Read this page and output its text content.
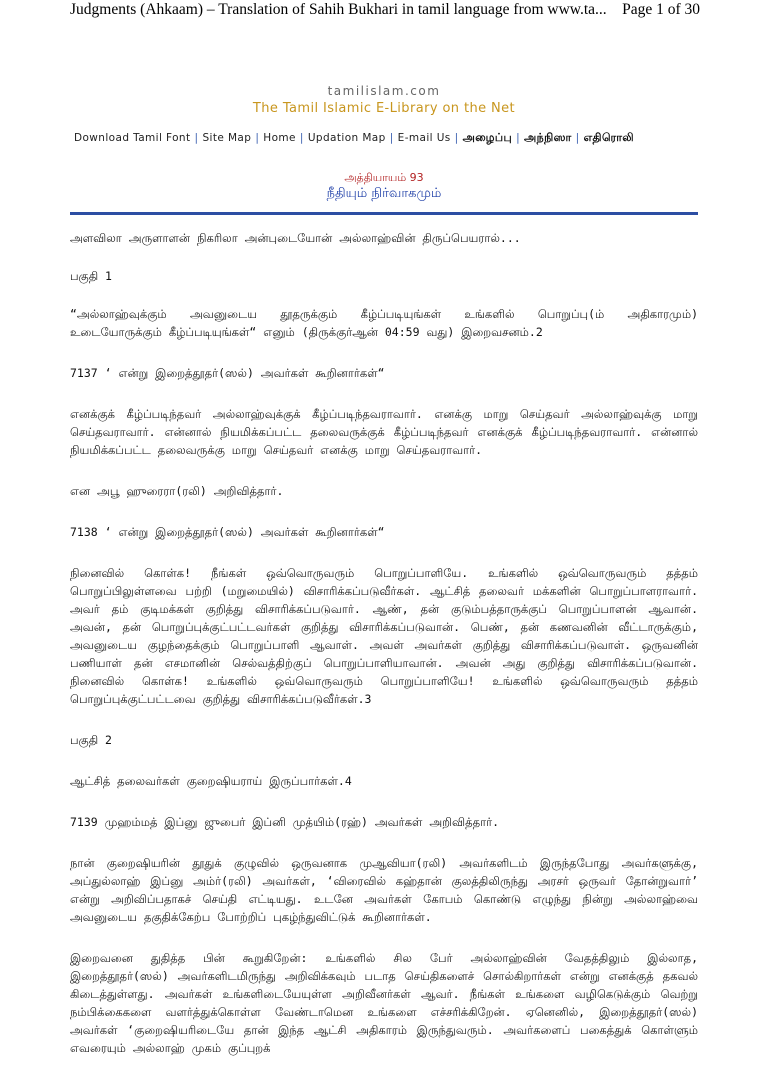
Judgments (Ahkaam) – Translation of Sahih Bukhari in tamil language from www.ta... Page 1 of 30
tamilislam.com
The Tamil Islamic E-Library on the Net
Download Tamil Font | Site Map | Home | Updation Map | E-mail Us | அழைப்பு | அந்நிஸா | எதிரொலி
அத்தியாயம் 93
நீதியும் நிர்வாகமும்

அளவிலா அருளாளன் நிகரிலா அன்புடையோன் அல்லாஹ்வின் திருப்பெயரால்...

பகுதி 1

“அல்லாஹ்வுக்கும் அவனுடைய தூதருக்கும் கீழ்ப்படியுங்கள் உங்களில் பொறுப்பு(ம் அதிகாரமும்) உடையோருக்கும் கீழ்ப்படியுங்கள்“ எனும் (திருக்குர்ஆன் 04:59 வது) இறைவசனம்.2

7137 ‘ என்று இறைத்தூதர்(ஸல்) அவர்கள் கூறினார்கள்“

எனக்குக் கீழ்ப்படிந்தவர் அல்லாஹ்வுக்குக் கீழ்ப்படிந்தவராவார். எனக்கு மாறு செய்தவர் அல்லாஹ்வுக்கு மாறு செய்தவராவார். என்னால் நியமிக்கப்பட்ட தலைவருக்குக் கீழ்ப்படிந்தவர் எனக்குக் கீழ்ப்படிந்தவராவார். என்னால் நியமிக்கப்பட்ட தலைவருக்கு மாறு செய்தவர் எனக்கு மாறு செய்தவராவார்.

என அபூ ஹுரைரா(ரலி) அறிவித்தார்.

7138 ‘ என்று இறைத்தூதர்(ஸல்) அவர்கள் கூறினார்கள்“

நினைவில் கொள்க! நீங்கள் ஒவ்வொருவரும் பொறுப்பாளியே. உங்களில் ஒவ்வொருவரும் தத்தம் பொறுப்பிலுள்ளவை பற்றி (மறுமையில்) விசாரிக்கப்படுவீர்கள். ஆட்சித் தலைவர் மக்களின் பொறுப்பாளராவார். அவர் தம் குடிமக்கள் குறித்து விசாரிக்கப்படுவார். ஆண், தன் குடும்பத்தாருக்குப் பொறுப்பாளன் ஆவான். அவன், தன் பொறுப்புக்குட்பட்டவர்கள் குறித்து விசாரிக்கப்படுவான். பெண், தன் கணவனின் வீட்டாருக்கும், அவனுடைய குழந்தைக்கும் பொறுப்பாளி ஆவாள். அவள் அவர்கள் குறித்து விசாரிக்கப்படுவாள். ஒருவனின் பணியாள் தன் எசமானின் செல்வத்திற்குப் பொறுப்பாளியாவான். அவன் அது குறித்து விசாரிக்கப்படுவான். நினைவில் கொள்க! உங்களில் ஒவ்வொருவரும் பொறுப்பாளியே! உங்களில் ஒவ்வொருவரும் தத்தம் பொறுப்புக்குட்பட்டவை குறித்து விசாரிக்கப்படுவீர்கள்.3

பகுதி 2

ஆட்சித் தலைவர்கள் குறைஷியராய் இருப்பார்கள்.4

7139 முஹம்மத் இப்னு ஜுபைர் இப்னி முத்யிம்(ரஹ்) அவர்கள் அறிவித்தார்.

நான் குறைஷியரின் தூதுக் குழுவில் ஒருவனாக முஆவியா(ரலி) அவர்களிடம் இருந்தபோது அவர்களுக்கு, அப்துல்லாஹ் இப்னு அம்ர்(ரலி) அவர்கள், ‘விரைவில் கஹ்தான் குலத்திலிருந்து அரசர் ஒருவர் தோன்றுவார்’ என்று அறிவிப்பதாகச் செய்தி எட்டியது. உடனே அவர்கள் கோபம் கொண்டு எழுந்து நின்று அல்லாஹ்வை அவனுடைய தகுதிக்கேற்ப போற்றிப் புகழ்ந்துவிட்டுக் கூறினார்கள்.

இறைவனை துதித்த பின் கூறுகிறேன்: உங்களில் சில பேர் அல்லாஹ்வின் வேதத்திலும் இல்லாத, இறைத்தூதர்(ஸல்) அவர்களிடமிருந்து அறிவிக்கவும் படாத செய்திகளைச் சொல்கிறார்கள் என்று எனக்குத் தகவல் கிடைத்துள்ளது. அவர்கள் உங்களிடையேயுள்ள அறிவீனர்கள் ஆவர். நீங்கள் உங்களை வழிகெடுக்கும் வெற்று நம்பிக்கைகளை வளர்த்துக்கொள்ள வேண்டாமென உங்களை எச்சரிக்கிறேன். ஏனெனில், இறைத்தூதர்(ஸல்) அவர்கள் ‘குறைஷியரிடையே தான் இந்த ஆட்சி அதிகாரம் இருந்துவரும். அவர்களைப் பகைத்துக் கொள்ளும் எவரையும் அல்லாஹ் முகம் குப்புறக்
